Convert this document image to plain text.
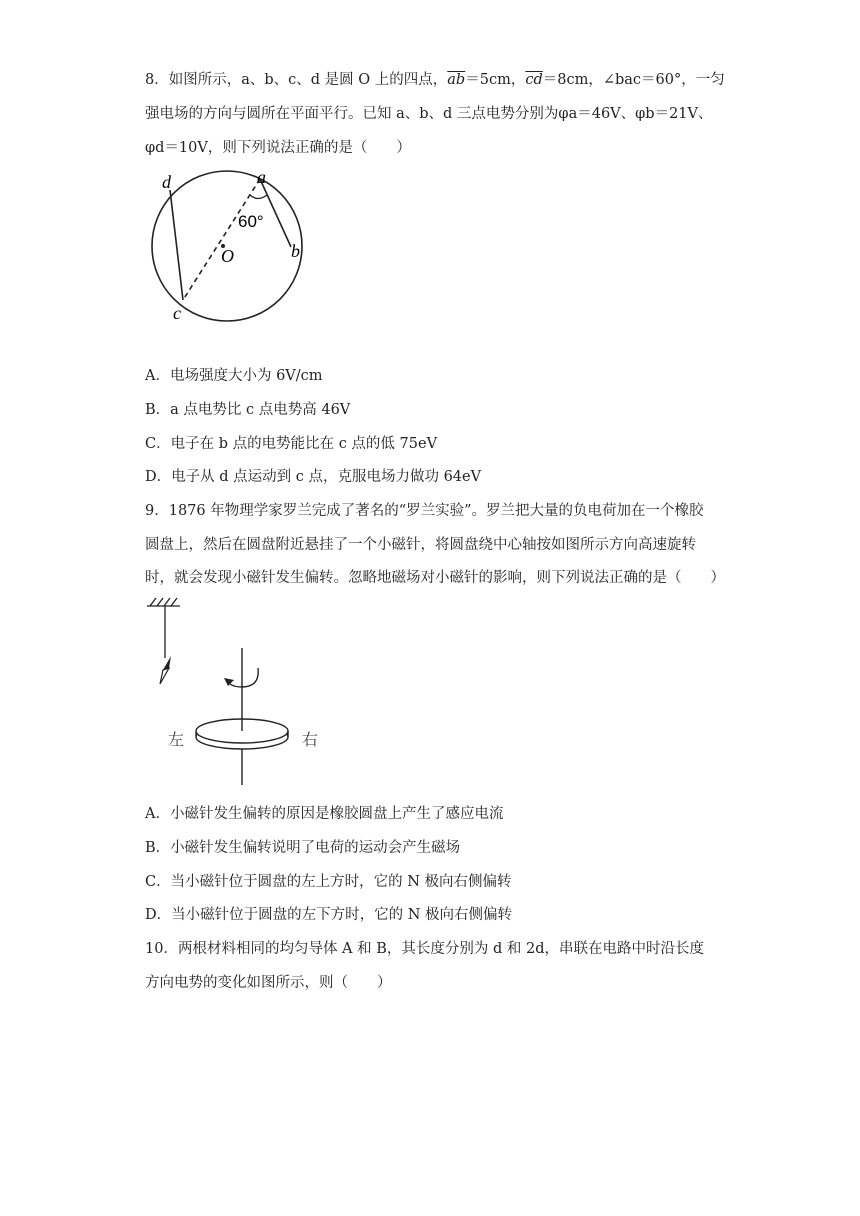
8．如图所示，a、b、c、d 是圆 O 上的四点，$\overline{ab}=5cm$，$\overline{cd}=8cm$，∠bac＝60°，一匀
强电场的方向与圆所在平面平行。已知 a、b、d 三点电势分别为φa＝46V、φb＝21V、
φd＝10V，则下列说法正确的是（　　）
d	a
60°
O	b
c
A．电场强度大小为 6V/cm
B．a 点电势比 c 点电势高 46V
C．电子在 b 点的电势能比在 c 点的低 75eV
D．电子从 d 点运动到 c 点，克服电场力做功 64eV
9．1876 年物理学家罗兰完成了著名的“罗兰实验”。罗兰把大量的负电荷加在一个橡胶
圆盘上，然后在圆盘附近悬挂了一个小磁针，将圆盘绕中心轴按如图所示方向高速旋转
时，就会发现小磁针发生偏转。忽略地磁场对小磁针的影响，则下列说法正确的是（　　）
左	右
A．小磁针发生偏转的原因是橡胶圆盘上产生了感应电流
B．小磁针发生偏转说明了电荷的运动会产生磁场
C．当小磁针位于圆盘的左上方时，它的 N 极向右侧偏转
D．当小磁针位于圆盘的左下方时，它的 N 极向右侧偏转
10．两根材料相同的均匀导体 A 和 B，其长度分别为 d 和 2d，串联在电路中时沿长度
方向电势的变化如图所示，则（　　）
